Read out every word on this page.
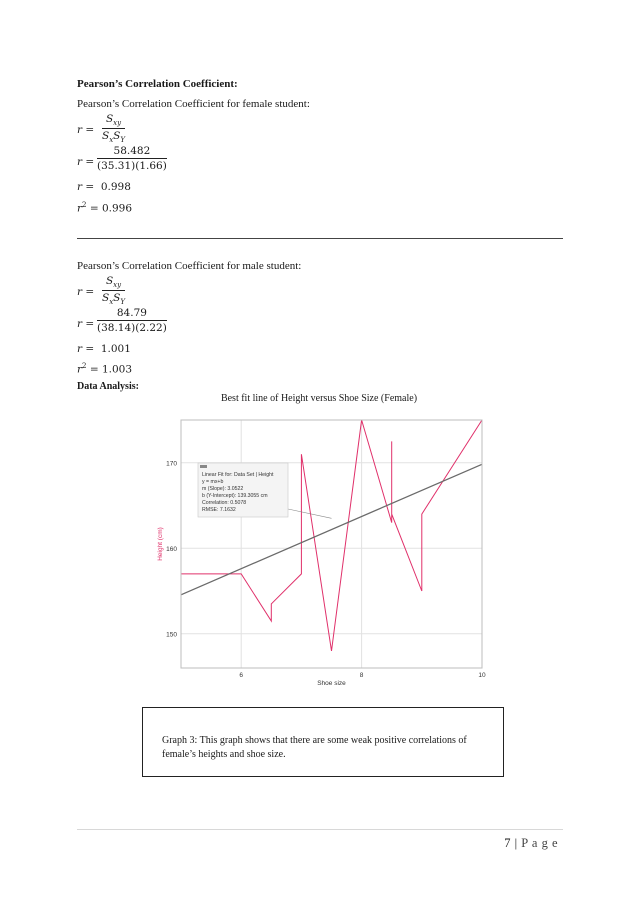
Pearson’s Correlation Coefficient:
Pearson’s Correlation Coefficient for female student:
r =
$S_{xy}$
$S_xS_Y$
r =
58.482
(35.31)(1.66)
r =  0.998
$r^2 = 0.996$
Pearson’s Correlation Coefficient for male student:
r =
$S_{xy}$
$S_xS_Y$
r =
84.79
(38.14)(2.22)
r =  1.001
$r^2 = 1.003$
Data Analysis:
Best fit line of Height versus Shoe Size (Female)
6	8	10
150
160
170
Linear Fit for: Data Set | Height
y = mx+b
m (Slope): 3.0522
b (Y-Intercept): 139.3055 cm
Correlation: 0.5078
RMSE: 7.1632
Shoe size
Height (cm)
Graph 3: This graph shows that there are some weak positive correlations of
female’s heights and shoe size.
7 | P a g e
